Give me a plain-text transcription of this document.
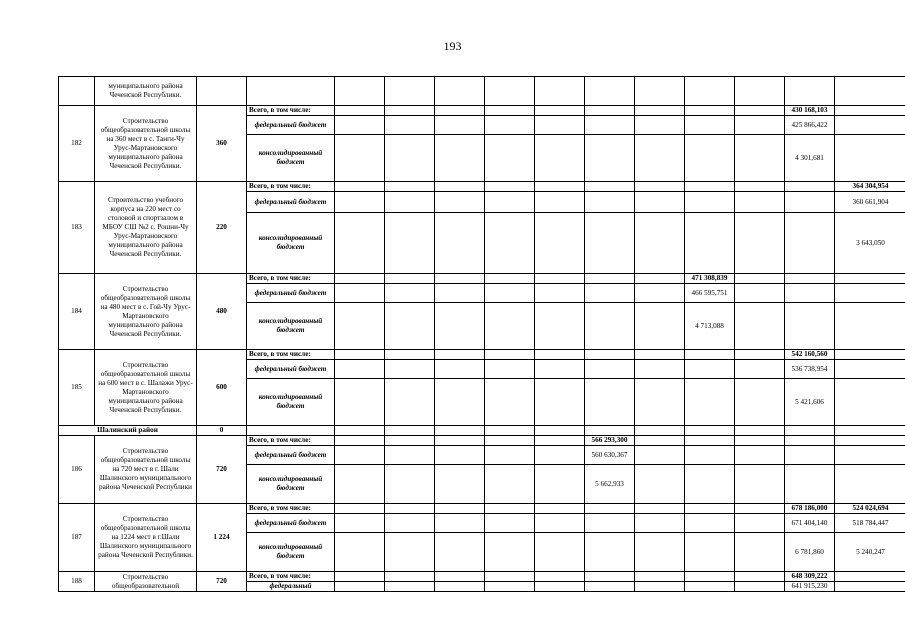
193
	муниципального района Чеченской Республики.													
182	Строительство общеобразовательной школы на 360 мест в с. Танги-Чу Урус-Мартановского муниципального района Чеченской Республики.	360	Всего, в том числе:										430 168,103	
			федеральный бюджет										425 866,422	
			консолидированный бюджет										4 301,681	
183	Строительство учебного корпуса на 220 мест со столовой и спортзалом в МБОУ СШ №2 с. Рошни-Чу Урус-Мартановского муниципального района Чеченской Республики.	220	Всего, в том числе:											364 304,954
			федеральный бюджет											360 661,904
			консолидированный бюджет											3 643,050
184	Строительство общеобразовательной школы на 480 мест в с. Гой-Чу Урус-Мартановского муниципального района Чеченской Республики.	480	Всего, в том числе:								471 308,839			
			федеральный бюджет								466 595,751			
			консолидированный бюджет								4 713,088			
185	Строительство общеобразовательной школы на 600 мест в с. Шалажи Урус-Мартановского муниципального района Чеченской Республики.	600	Всего, в том числе:										542 160,560	
			федеральный бюджет										536 738,954	
			консолидированный бюджет										5 421,606	
Шалинский район		0												
186	Строительство общеобразовательной школы на 720 мест в г. Шали Шалинского муниципального района Чеченской Республики	720	Всего, в том числе:						566 293,300					
			федеральный бюджет						560 630,367					
			консолидированный бюджет						5 662,933					
187	Строительство общеобразовательной школы на 1224 мест в г.Шали Шалинского муниципального района Чеченской Республики.	1 224	Всего, в том числе:										678 186,000	524 024,694
			федеральный бюджет										671 404,140	518 784,447
			консолидированный бюджет										6 781,860	5 240,247
188	Строительство общеобразовательной	720	Всего, в том числе:										648 309,222	
			федеральный										641 915,230	
